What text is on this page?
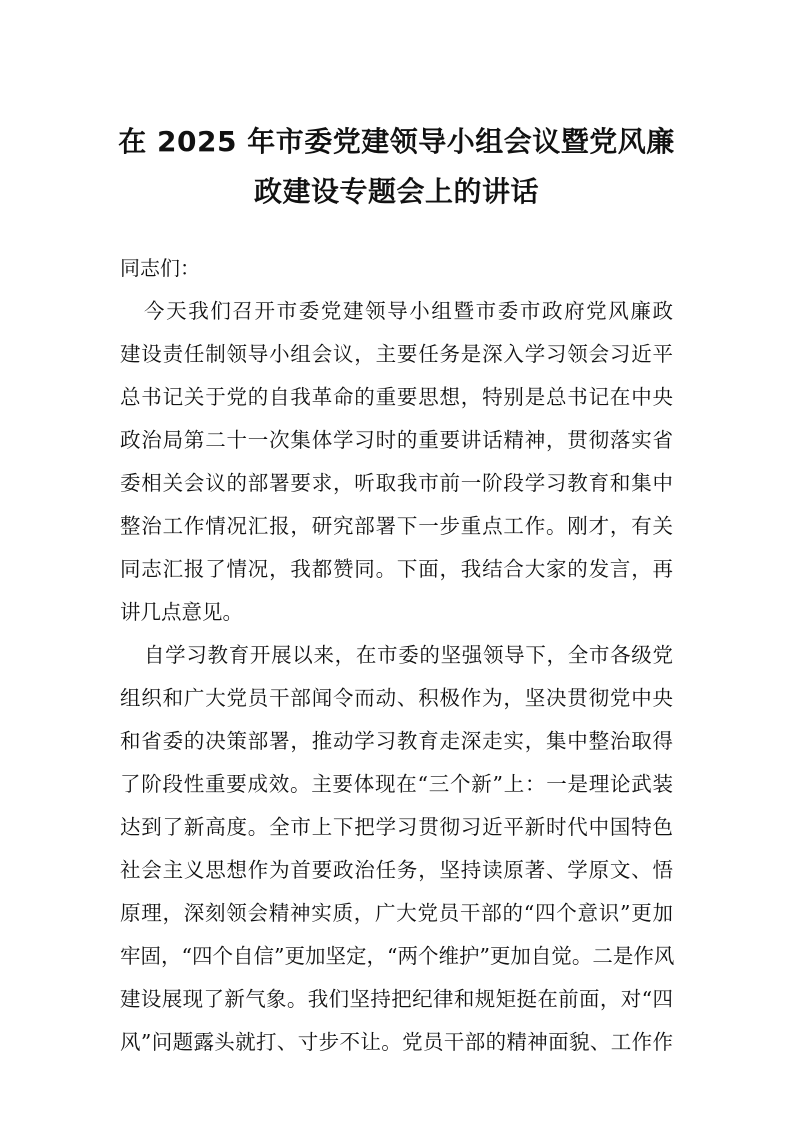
在 2025 年市委党建领导小组会议暨党风廉
政建设专题会上的讲话
同志们：
今天我们召开市委党建领导小组暨市委市政府党风廉政
建设责任制领导小组会议，主要任务是深入学习领会习近平
总书记关于党的自我革命的重要思想，特别是总书记在中央
政治局第二十一次集体学习时的重要讲话精神，贯彻落实省
委相关会议的部署要求，听取我市前一阶段学习教育和集中
整治工作情况汇报，研究部署下一步重点工作。刚才，有关
同志汇报了情况，我都赞同。下面，我结合大家的发言，再
讲几点意见。
自学习教育开展以来，在市委的坚强领导下，全市各级党
组织和广大党员干部闻令而动、积极作为，坚决贯彻党中央
和省委的决策部署，推动学习教育走深走实，集中整治取得
了阶段性重要成效。主要体现在“三个新”上：一是理论武装
达到了新高度。全市上下把学习贯彻习近平新时代中国特色
社会主义思想作为首要政治任务，坚持读原著、学原文、悟
原理，深刻领会精神实质，广大党员干部的“四个意识”更加
牢固，“四个自信”更加坚定，“两个维护”更加自觉。二是作风
建设展现了新气象。我们坚持把纪律和规矩挺在前面，对“四
风”问题露头就打、寸步不让。党员干部的精神面貌、工作作
